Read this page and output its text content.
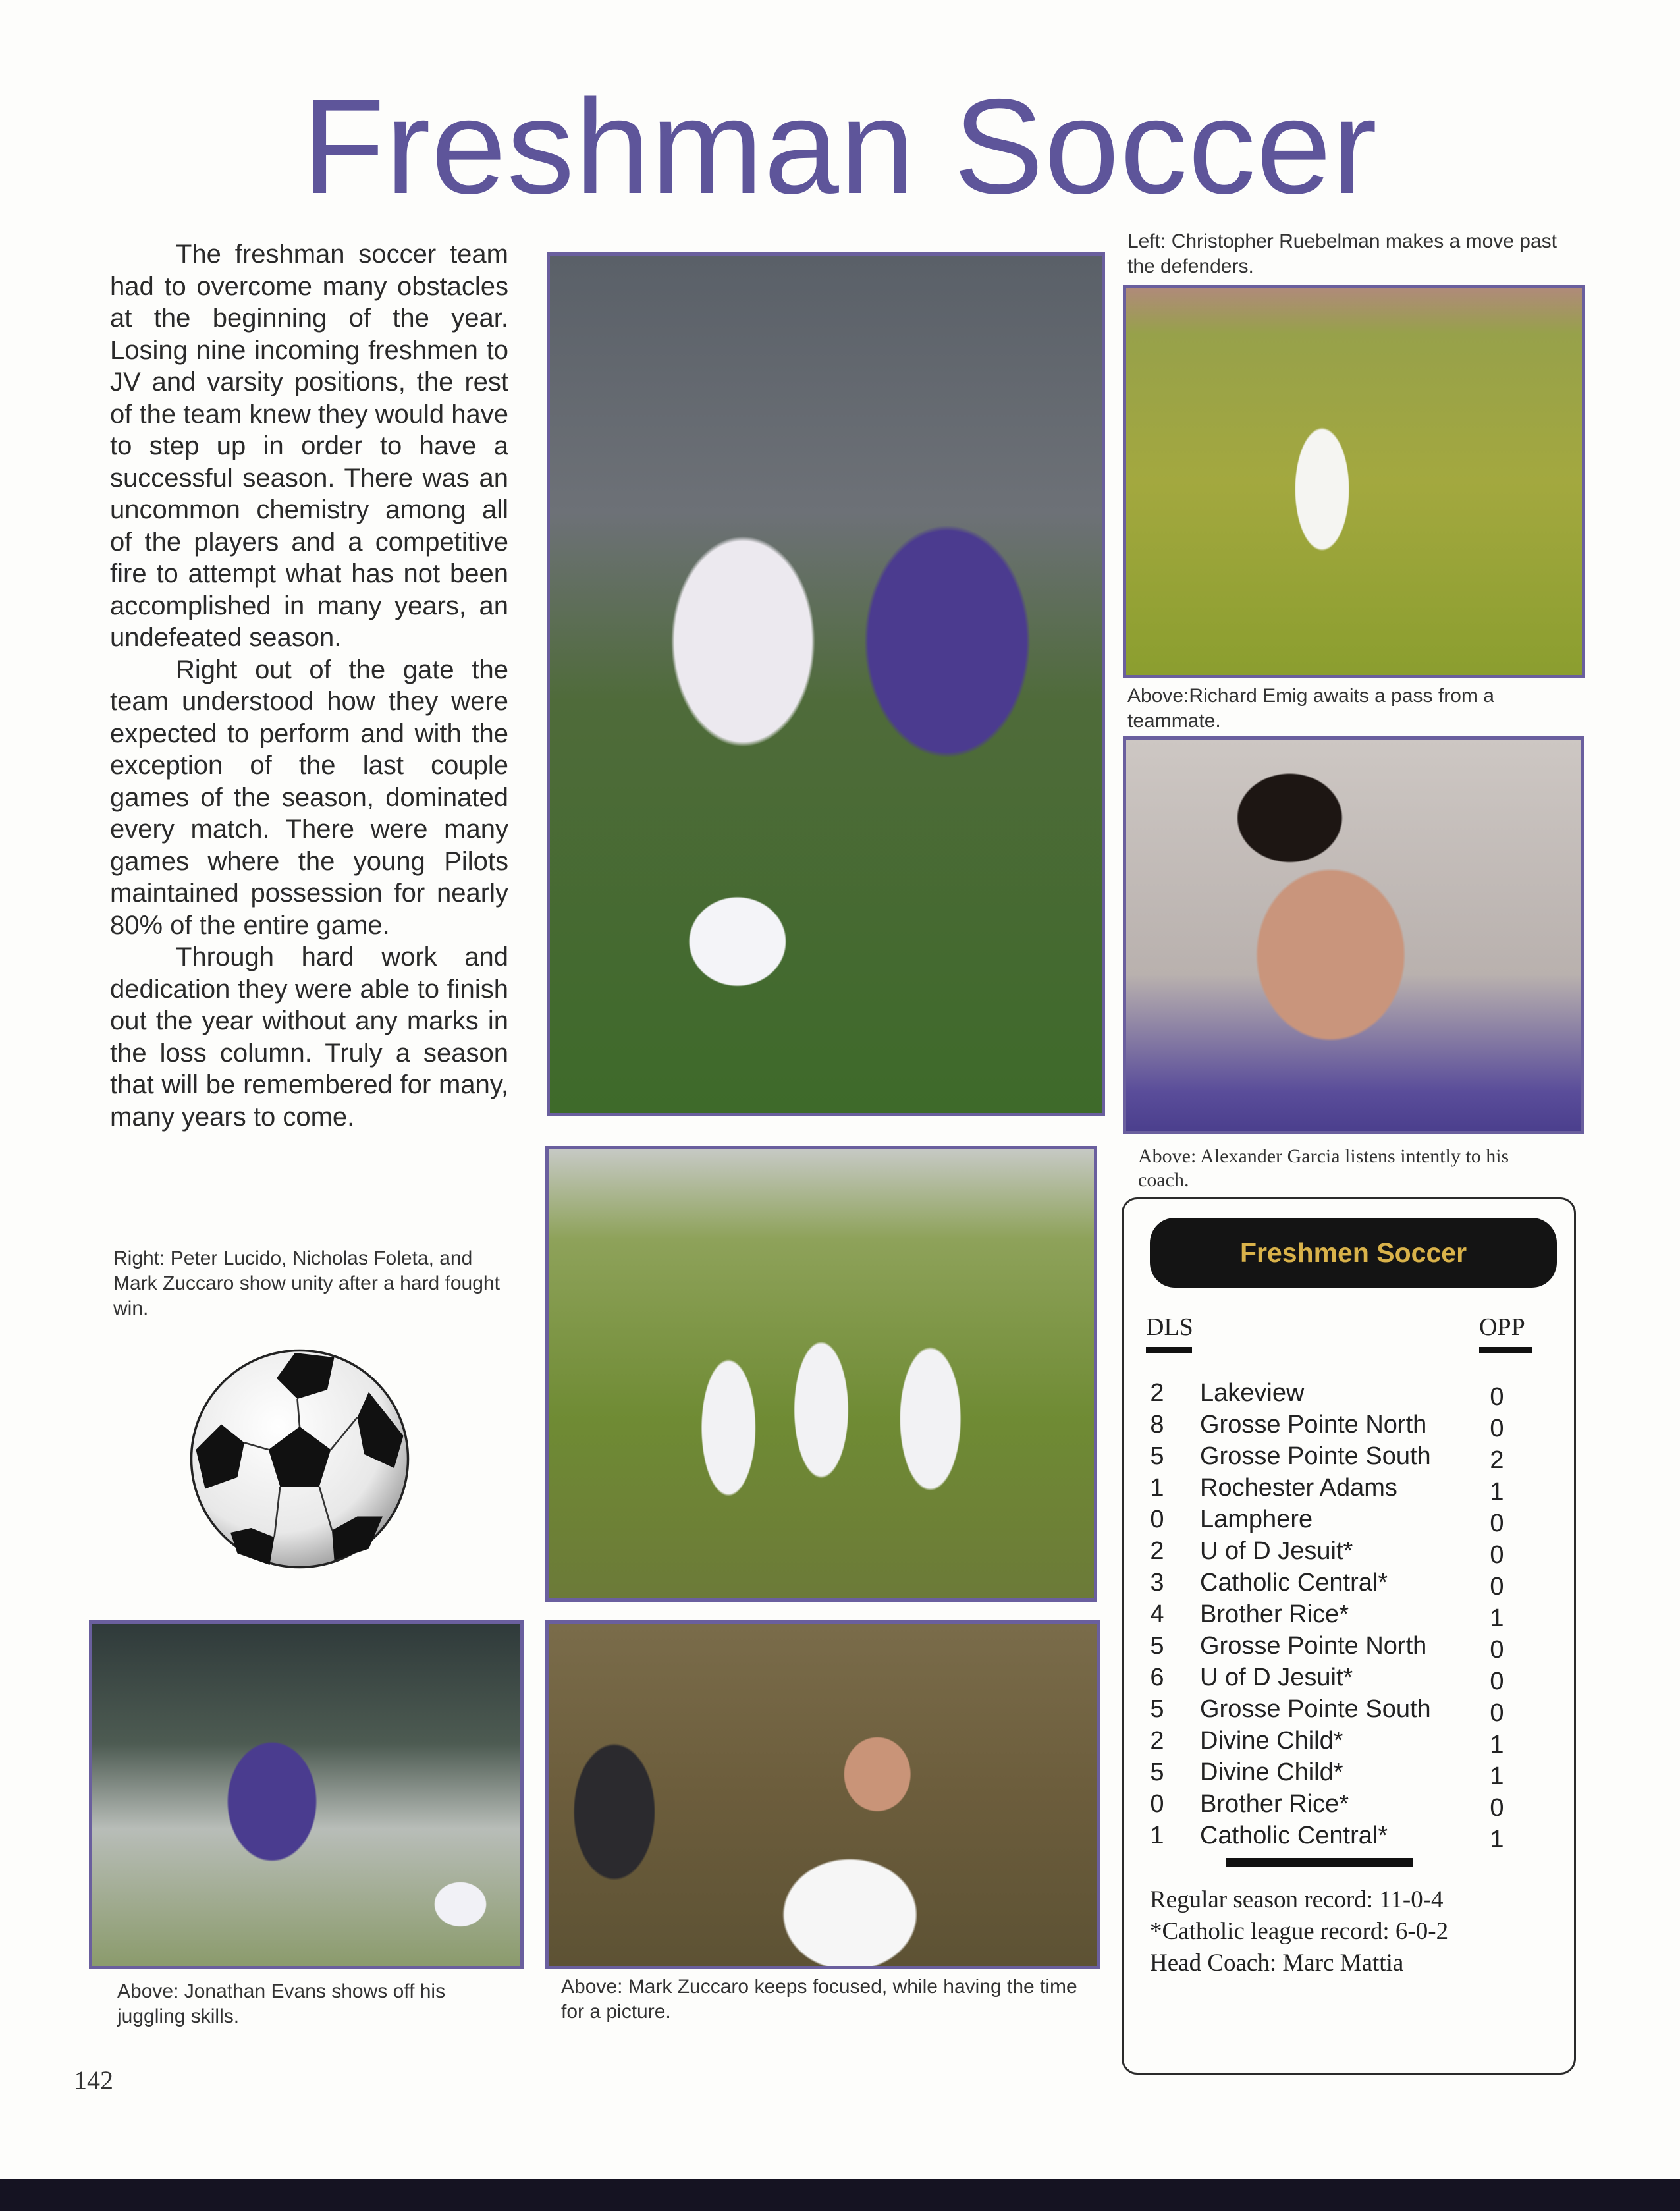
Freshman Soccer

The freshman soccer team had to overcome many obstacles at the beginning of the year. Losing nine incoming freshmen to JV and varsity positions, the rest of the team knew they would have to step up in order to have a successful season. There was an uncommon chemistry among all of the players and a competitive fire to attempt what has not been accomplished in many years, an undefeated season.

Right out of the gate the team understood how they were expected to perform and with the exception of the last couple games of the season, dominated every match. There were many games where the young Pilots maintained possession for nearly 80% of the entire game.

Through hard work and dedication they were able to finish out the year without any marks in the loss column. Truly a season that will be remembered for many, many years to come.

Left: Christopher Ruebelman makes a move past the defenders.
Above:Richard Emig awaits a pass from a teammate.
Above: Alexander Garcia listens intently to his coach.
Right: Peter Lucido, Nicholas Foleta, and Mark Zuccaro show unity after a hard fought win.
Above: Jonathan Evans shows off his juggling skills.
Above: Mark Zuccaro keeps focused, while having the time for a picture.
Freshmen Soccer
DLS	OPP
2 Lakeview	0
8 Grosse Pointe North	0
5 Grosse Pointe South 2
1 Rochester Adams	1
0 Lamphere	0
2 U of D Jesuit*	0
3 Catholic Central*	0
4 Brother Rice*	1
5 Grosse Pointe North	0
6 U of D Jesuit*	0
5 Grosse Pointe South 0
2 Divine Child*	1
5 Divine Child*	1
0 Brother Rice*	0
1 Catholic Central*	1
Regular season record: 11-0-4
*Catholic league record: 6-0-2
Head Coach: Marc Mattia
142
